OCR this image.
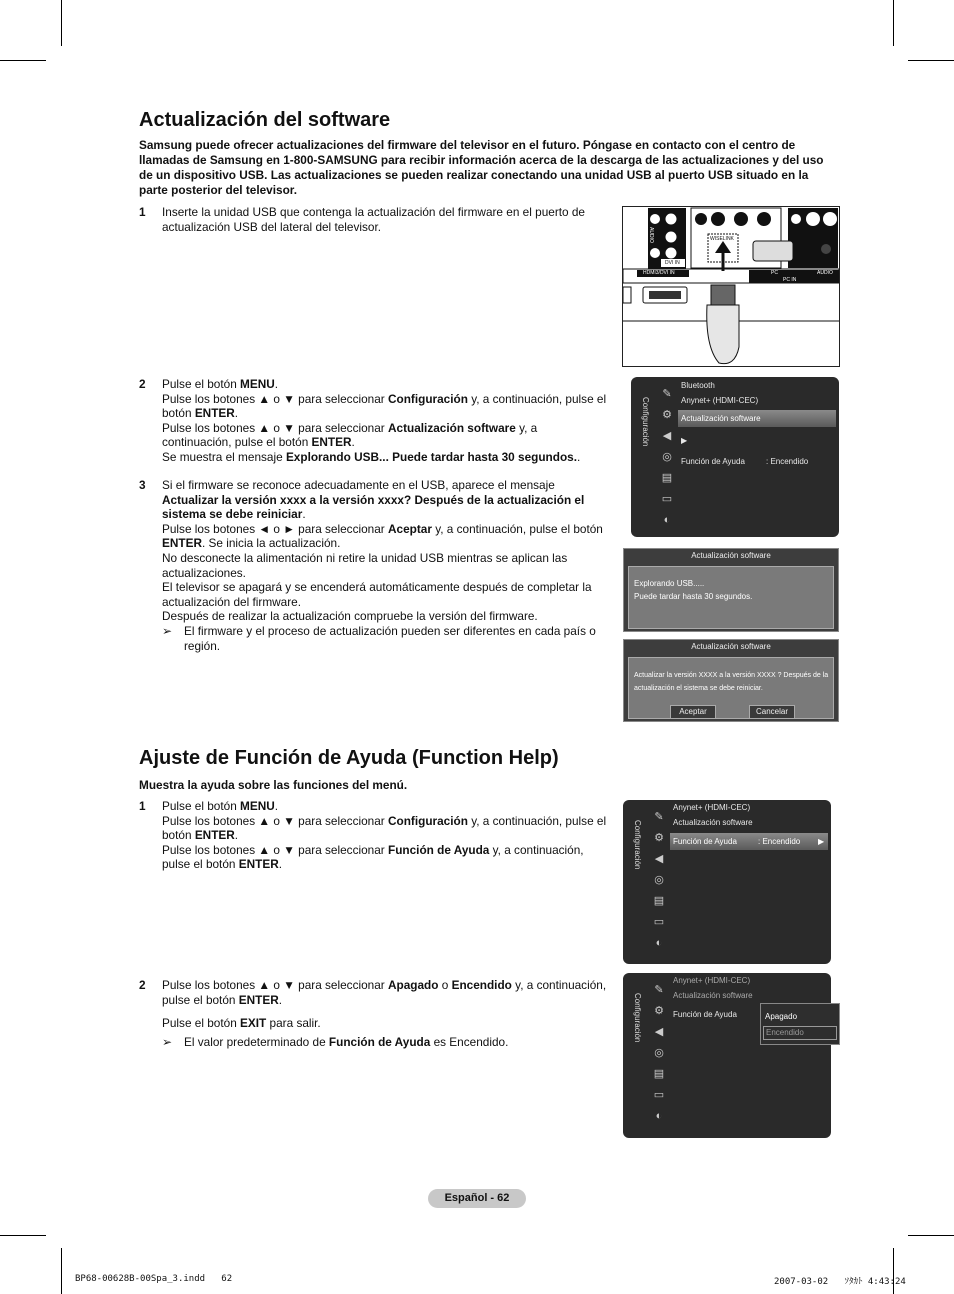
Actualización del software

Samsung puede ofrecer actualizaciones del firmware del televisor en el futuro. Póngase en contacto con el centro de llamadas de Samsung en 1-800-SAMSUNG para recibir información acerca de la descarga de las actualizaciones y del uso de un dispositivo USB. Las actualizaciones se pueden realizar conectando una unidad USB al puerto USB situado en la parte posterior del televisor.

1 Inserte la unidad USB que contenga la actualización del firmware en el puerto de actualización USB del lateral del televisor.

AUDIO
DVI IN
HDMI3/DVI IN
WISELINK
PC	AUDIO
PC IN
2 Pulse el botón MENU.

Pulse los botones ▲ o ▼ para seleccionar Configuración y, a continuación, pulse el botón ENTER.

Pulse los botones ▲ o ▼ para seleccionar Actualización software y, a continuación, pulse el botón ENTER.

Se muestra el mensaje Explorando USB... Puede tardar hasta 30 segundos..

3 Si el firmware se reconoce adecuadamente en el USB, aparece el mensaje Actualizar la versión xxxx a la versión xxxx? Después de la actualización el sistema se debe reiniciar.

Pulse los botones ◄ o ► para seleccionar Aceptar y, a continuación, pulse el botón ENTER. Se inicia la actualización.

No desconecte la alimentación ni retire la unidad USB mientras se aplican las actualizaciones.

El televisor se apagará y se encenderá automáticamente después de completar la actualización del firmware.

Después de realizar la actualización compruebe la versión del firmware.

➢	El firmware y el proceso de actualización pueden ser diferentes en cada país o región.
Configuración
✎
⚙
◀
◎
▤
▭
◐
Bluetooth
Anynet+ (HDMI-CEC)
Actualización software
▶
Función de Ayuda	: Encendido
Actualización software
Explorando USB.....
Puede tardar hasta 30 segundos.
Actualización software
Actualizar la versión XXXX a la versión XXXX ? Después de la actualización el sistema se debe reiniciar.
Aceptar	Cancelar
Ajuste de Función de Ayuda (Function Help)

Muestra la ayuda sobre las funciones del menú.

1 Pulse el botón MENU.

Pulse los botones ▲ o ▼ para seleccionar Configuración y, a continuación, pulse el botón ENTER.

Pulse los botones ▲ o ▼ para seleccionar Función de Ayuda y, a continuación, pulse el botón ENTER.

2 Pulse los botones ▲ o ▼ para seleccionar Apagado o Encendido y, a continuación, pulse el botón ENTER.

Pulse el botón EXIT para salir.

➢	El valor predeterminado de Función de Ayuda es Encendido.
Configuración
✎
⚙
◀
◎
▤
▭
◐
Anynet+ (HDMI-CEC)
Actualización software
Función de Ayuda	: Encendido ▶
Configuración
✎
⚙
◀
◎
▤
▭
◐
Anynet+ (HDMI-CEC)
Actualización software
Función de Ayuda	Apagado
Encendido
Español - 62
BP68-00628B-00Spa_3.indd   62	2007-03-02   ｿﾀｶﾄ 4:43:24
